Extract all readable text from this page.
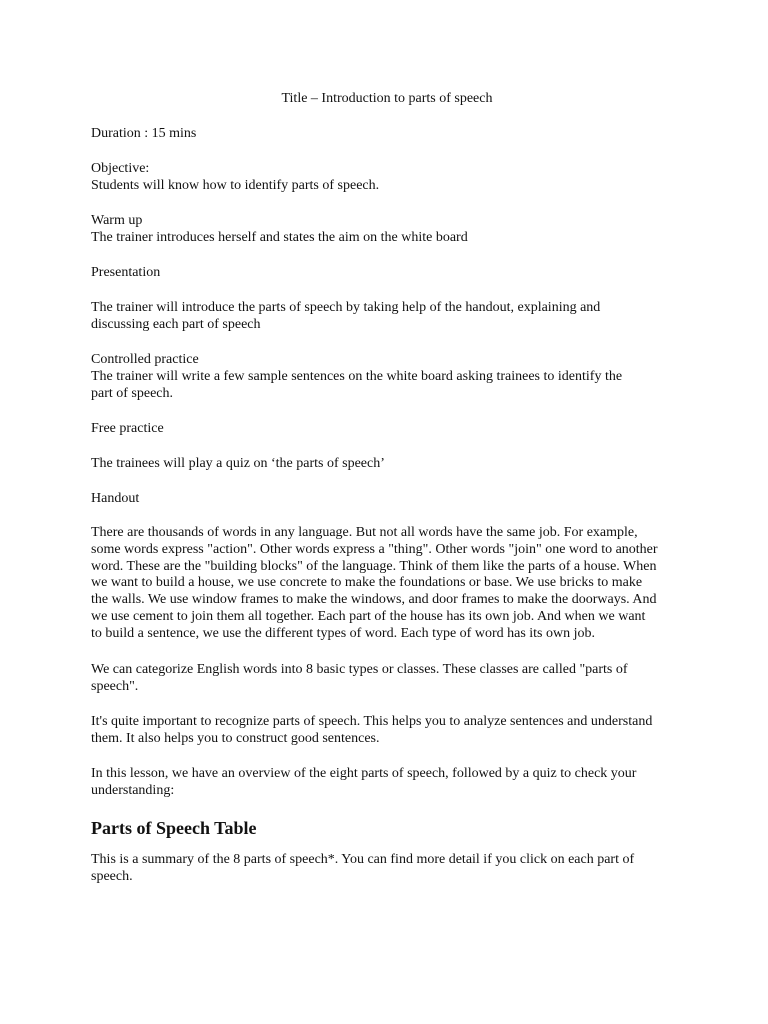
Title – Introduction to parts of speech
Duration : 15 mins
Objective:
Students will know how to identify parts of speech.
Warm up
The trainer introduces herself and states the aim on the white board
Presentation
The trainer will introduce the parts of speech by taking help of the handout, explaining and
discussing each part of speech
Controlled practice
The trainer will write a few sample sentences on the white board asking trainees to identify the
part of speech.
Free practice
The trainees will play a quiz on ‘the parts of speech’
Handout
There are thousands of words in any language. But not all words have the same job. For example,
some words express "action". Other words express a "thing". Other words "join" one word to another
word. These are the "building blocks" of the language. Think of them like the parts of a house. When
we want to build a house, we use concrete to make the foundations or base. We use bricks to make
the walls. We use window frames to make the windows, and door frames to make the doorways. And
we use cement to join them all together. Each part of the house has its own job. And when we want
to build a sentence, we use the different types of word. Each type of word has its own job.
We can categorize English words into 8 basic types or classes. These classes are called "parts of
speech".
It's quite important to recognize parts of speech. This helps you to analyze sentences and understand
them. It also helps you to construct good sentences.
In this lesson, we have an overview of the eight parts of speech, followed by a quiz to check your
understanding:
Parts of Speech Table
This is a summary of the 8 parts of speech*. You can find more detail if you click on each part of
speech.
